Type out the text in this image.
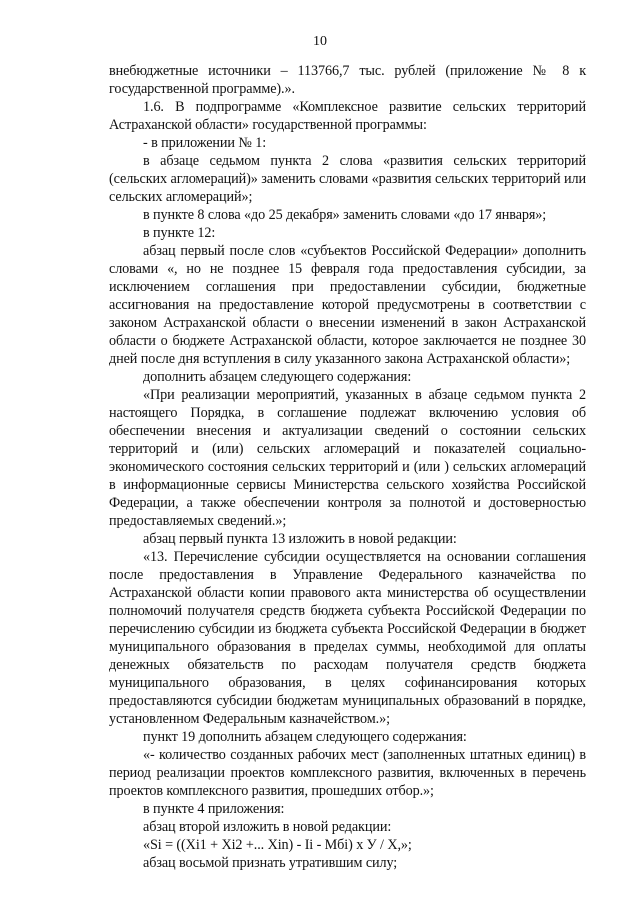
10

внебюджетные источники – 113766,7 тыс. рублей (приложение № 8 к государственной программе).».

1.6. В подпрограмме «Комплексное развитие сельских территорий Астраханской области» государственной программы:

- в приложении № 1:

в абзаце седьмом пункта 2 слова «развития сельских территорий (сельских агломераций)» заменить словами «развития сельских территорий или сельских агломераций»;

в пункте 8 слова «до 25 декабря» заменить словами «до 17 января»;

в пункте 12:

абзац первый после слов «субъектов Российской Федерации» дополнить словами «, но не позднее 15 февраля года предоставления субсидии, за исключением соглашения при предоставлении субсидии, бюджетные ассигнования на предоставление которой предусмотрены в соответствии с законом Астраханской области о внесении изменений в закон Астраханской области о бюджете Астраханской области, которое заключается не позднее 30 дней после дня вступления в силу указанного закона Астраханской области»;

дополнить абзацем следующего содержания:

«При реализации мероприятий, указанных в абзаце седьмом пункта 2 настоящего Порядка, в соглашение подлежат включению условия об обеспечении внесения и актуализации сведений о состоянии сельских территорий и (или) сельских агломераций и показателей социально-экономического состояния сельских территорий и (или ) сельских агломераций в информационные сервисы Министерства сельского хозяйства Российской Федерации, а также обеспечении контроля за полнотой и достоверностью предоставляемых сведений.»;

абзац первый пункта 13 изложить в новой редакции:

«13. Перечисление субсидии осуществляется на основании соглашения после предоставления в Управление Федерального казначейства по Астраханской области копии правового акта министерства об осуществлении полномочий получателя средств бюджета субъекта Российской Федерации по перечислению субсидии из бюджета субъекта Российской Федерации в бюджет муниципального образования в пределах суммы, необходимой для оплаты денежных обязательств по расходам получателя средств бюджета муниципального образования, в целях софинансирования которых предоставляются субсидии бюджетам муниципальных образований в порядке, установленном Федеральным казначейством.»;

пункт 19 дополнить абзацем следующего содержания:

«- количество созданных рабочих мест (заполненных штатных единиц) в период реализации проектов комплексного развития, включенных в перечень проектов комплексного развития, прошедших отбор.»;

в пункте 4 приложения:

абзац второй изложить в новой редакции:

«Si = ((Xi1 + Xi2 +... Xin) - Ii - Mбi) x У / Х,»;

абзац восьмой признать утратившим силу;
